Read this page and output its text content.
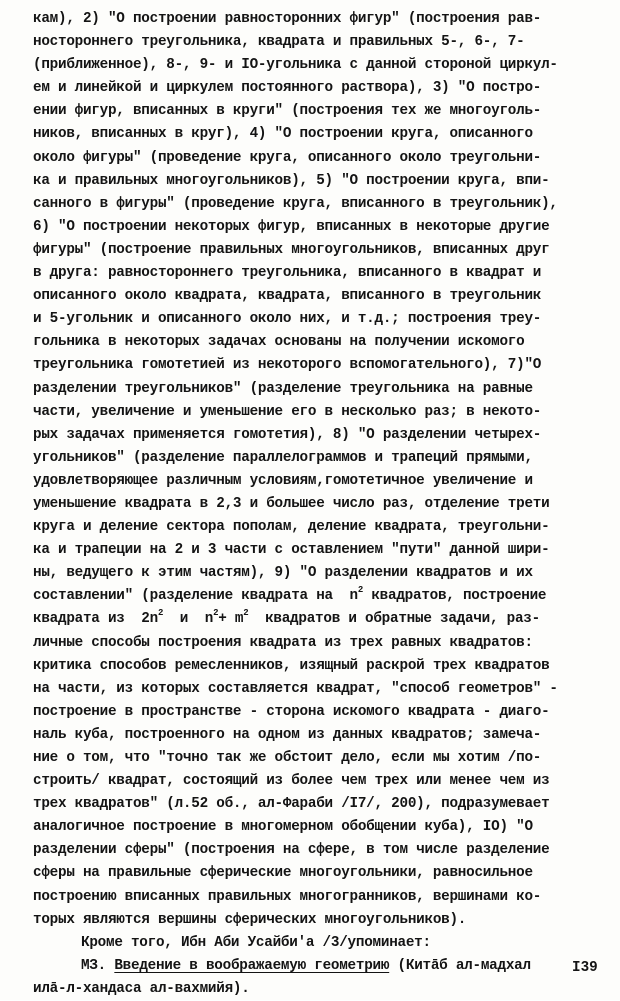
кам), 2) "О построении равносторонних фигур" (построения рав-
ностороннего треугольника, квадрата и правильных 5-, 6-, 7-
(приближенное), 8-, 9- и IO-угольника с данной стороной циркул-
ем и линейкой и циркулем постоянного раствора), 3) "О постро-
ении фигур, вписанных в круги" (построения тех же многоуголь-
ников, вписанных в круг), 4) "О построении круга, описанного
около фигуры" (проведение круга, описанного около треугольни-
ка и правильных многоугольников), 5) "О построении круга, впи-
санного в фигуры" (проведение круга, вписанного в треугольник),
6) "О построении некоторых фигур, вписанных в некоторые другие
фигуры" (построение правильных многоугольников, вписанных друг
в друга: равностороннего треугольника, вписанного в квадрат и
описанного около квадрата, квадрата, вписанного в треугольник
и 5-угольник и описанного около них, и т.д.; построения треу-
гольника в некоторых задачах основаны на получении искомого
треугольника гомотетией из некоторого вспомогательного), 7)"О
разделении треугольников" (разделение треугольника на равные
части, увеличение и уменьшение его в несколько раз; в некото-
рых задачах применяется гомотетия), 8) "О разделении четырех-
угольников" (разделение параллелограммов и трапеций прямыми,
удовлетворяющее различным условиям,гомотетичное увеличение и
уменьшение квадрата в 2,3 и большее число раз, отделение трети
круга и деление сектора пополам, деление квадрата, треугольни-
ка и трапеции на 2 и 3 части с оставлением "пути" данной шири-
ны, ведущего к этим частям), 9) "О разделении квадратов и их
составлении" (разделение квадрата на  $n^2$ квадратов, построение
квадрата из  $2n^2$  и  $n^2+ m^2$  квадратов и обратные задачи, раз-
личные способы построения квадрата из трех равных квадратов:
критика способов ремесленников, изящный раскрой трех квадратов
на части, из которых составляется квадрат, "способ геометров" -
построение в пространстве - сторона искомого квадрата - диаго-
наль куба, построенного на одном из данных квадратов; замеча-
ние о том, что "точно так же обстоит дело, если мы хотим /по-
строить/ квадрат, состоящий из более чем трех или менее чем из
трех квадратов" (л.52 об., ал-Фараби /I7/, 200), подразумевает
аналогичное построение в многомерном обобщении куба), IO) "О
разделении сферы" (построения на сфере, в том числе разделение
сферы на правильные сферические многоугольники, равносильное
построению вписанных правильных многогранников, вершинами ко-
торых являются вершины сферических многоугольников).
Кроме того, Ибн Аби Усайби'а /3/упоминает:
МЗ. Введение в воображаемую геометрию (Китāб ал-мадхал
илā-л-хандаса ал-вахмийя).
I39
